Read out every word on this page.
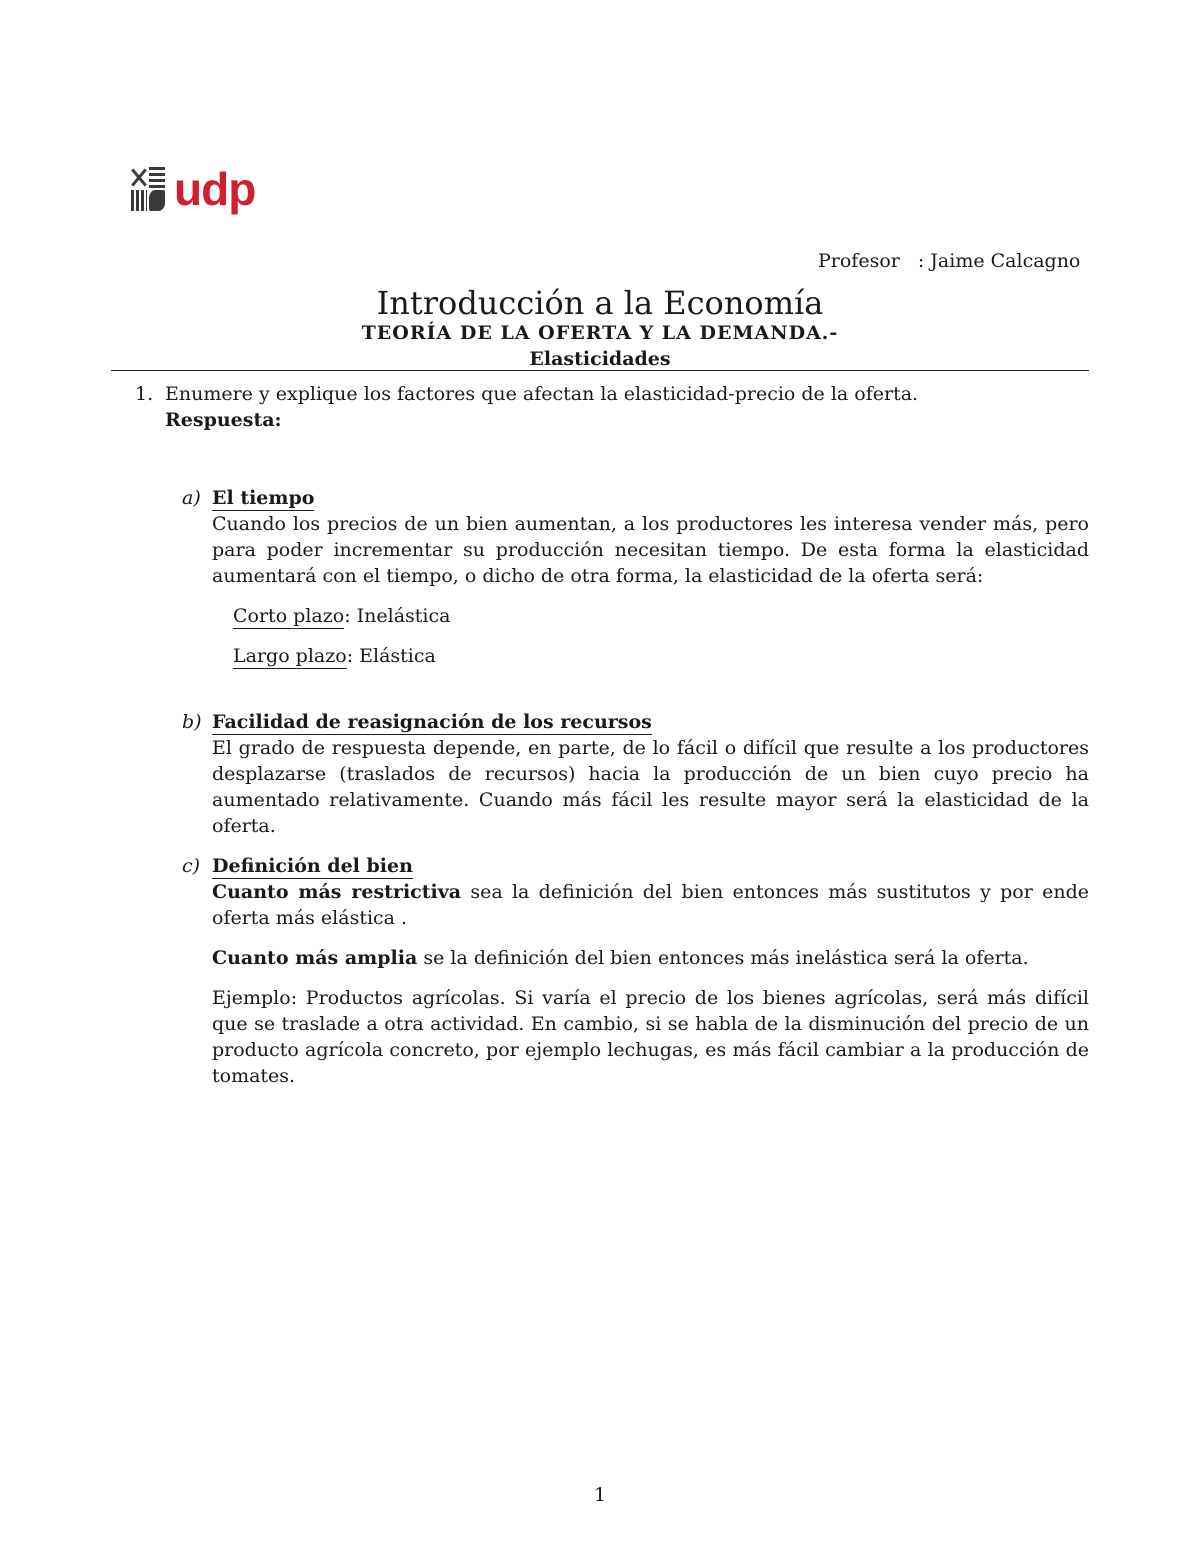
udp
Profesor : Jaime Calcagno
Introducción a la Economía
TEORÍA DE LA OFERTA Y LA DEMANDA.-
Elasticidades
1. Enumere y explique los factores que afectan la elasticidad-precio de la oferta.
Respuesta:
a) El tiempo

Cuando los precios de un bien aumentan, a los productores les interesa vender más, pero para poder incrementar su producción necesitan tiempo. De esta forma la elasticidad aumentará con el tiempo, o dicho de otra forma, la elasticidad de la oferta será:

Corto plazo: Inelástica
Largo plazo: Elástica
b) Facilidad de reasignación de los recursos

El grado de respuesta depende, en parte, de lo fácil o difícil que resulte a los productores desplazarse (traslados de recursos) hacia la producción de un bien cuyo precio ha aumentado relativamente. Cuando más fácil les resulte mayor será la elasticidad de la oferta.

c) Definición del bien

Cuanto más restrictiva sea la definición del bien entonces más sustitutos y por ende oferta más elástica .

Cuanto más amplia se la definición del bien entonces más inelástica será la oferta.

Ejemplo: Productos agrícolas. Si varía el precio de los bienes agrícolas, será más difícil que se traslade a otra actividad. En cambio, si se habla de la disminución del precio de un producto agrícola concreto, por ejemplo lechugas, es más fácil cambiar a la producción de tomates.

1
